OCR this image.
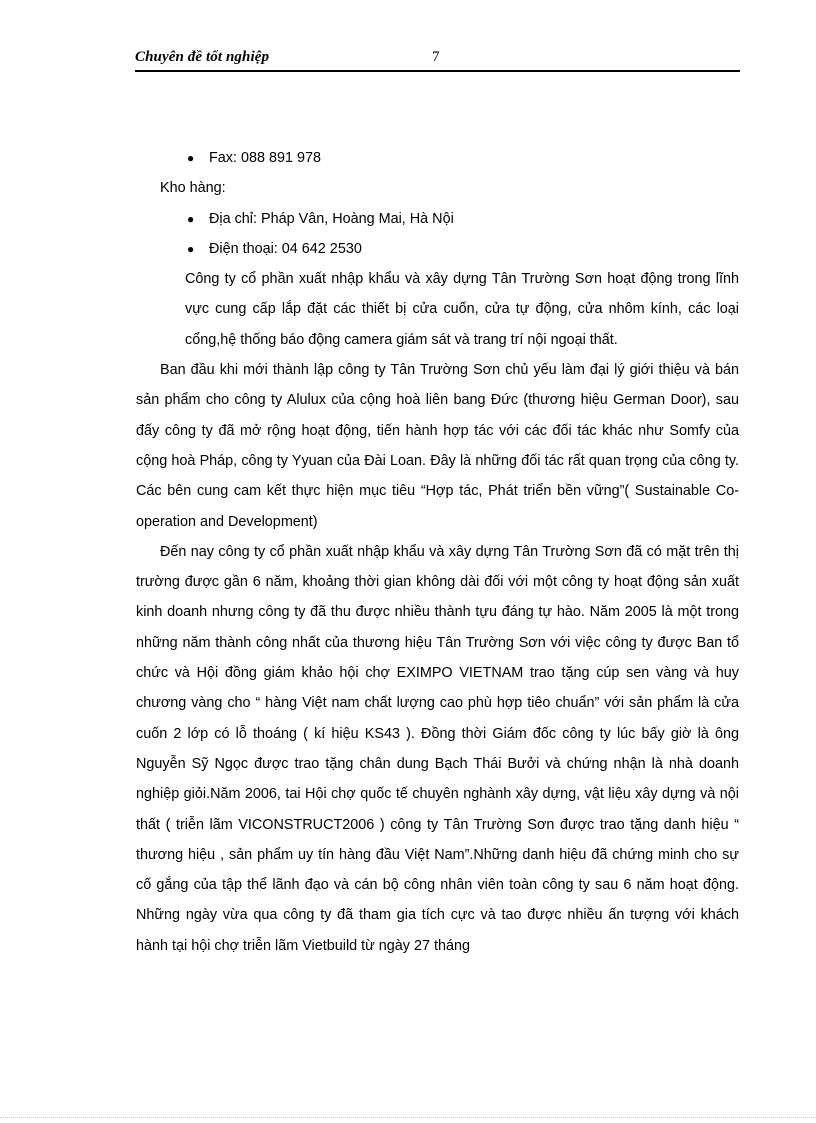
Chuyên đề tốt nghiệp	7
● Fax: 088 891 978
Kho hàng:
● Địa chỉ: Pháp Vân, Hoàng Mai, Hà Nội
● Điện thoại: 04 642 2530
Công ty cổ phần xuất nhập khẩu và xây dựng Tân Trường Sơn hoạt động trong lĩnh vực cung cấp lắp đặt các thiết bị cửa cuốn, cửa tự động, cửa nhôm kính, các loại cổng,hệ thống báo động camera giám sát và trang trí nội ngoại thất.
Ban đầu khi mới thành lập công ty Tân Trường Sơn chủ yếu làm đại lý giới thiệu và bán sản phẩm cho công ty Alulux của cộng hoà liên bang Đức (thương hiệu German Door), sau đấy công ty đã mở rộng hoạt động, tiến hành hợp tác với các đối tác khác như Somfy của cộng hoà Pháp, công ty Yyuan của Đài Loan. Đây là những đối tác rất quan trọng của công ty. Các bên cung cam kết thực hiện mục tiêu “Hợp tác, Phát triển bền vững”( Sustainable Co-operation and Development)
Đến nay công ty cổ phần xuất nhập khẩu và xây dựng Tân Trường Sơn đã có mặt trên thị trường được gần 6 năm, khoảng thời gian không dài đối với một công ty hoạt động sản xuất kinh doanh nhưng công ty đã thu được nhiều thành tựu đáng tự hào. Năm 2005 là một trong những năm thành công nhất của thương hiệu Tân Trường Sơn với việc công ty được Ban tổ chức và Hội đồng giám khảo hội chợ EXIMPO VIETNAM trao tặng cúp sen vàng và huy chương vàng cho “ hàng Việt nam chất lượng cao phù hợp tiêo chuẩn” với sản phẩm là cửa cuốn 2 lớp có lỗ thoáng ( kí hiệu KS43 ). Đồng thời Giám đốc công ty lúc bấy giờ là ông Nguyễn Sỹ Ngọc được trao tặng chân dung Bạch Thái Bưởi và chứng nhận là nhà doanh nghiệp giỏi.Năm 2006, tai Hội chợ quốc tế chuyên nghành xây dựng, vật liệu xây dựng và nội thất ( triễn lãm VICONSTRUCT2006 ) công ty Tân Trường Sơn được trao tặng danh hiệu “ thương hiệu , sản phẩm uy tín hàng đầu Việt Nam”.Những danh hiệu đã chứng minh cho sự cố gắng của tập thể lãnh đạo và cán bộ công nhân viên toàn công ty sau 6 năm hoạt động. Những ngày vừa qua công ty đã tham gia tích cực và tao được nhiều ấn tượng với khách hành tại hội chợ triễn lãm Vietbuild từ ngày 27 tháng
